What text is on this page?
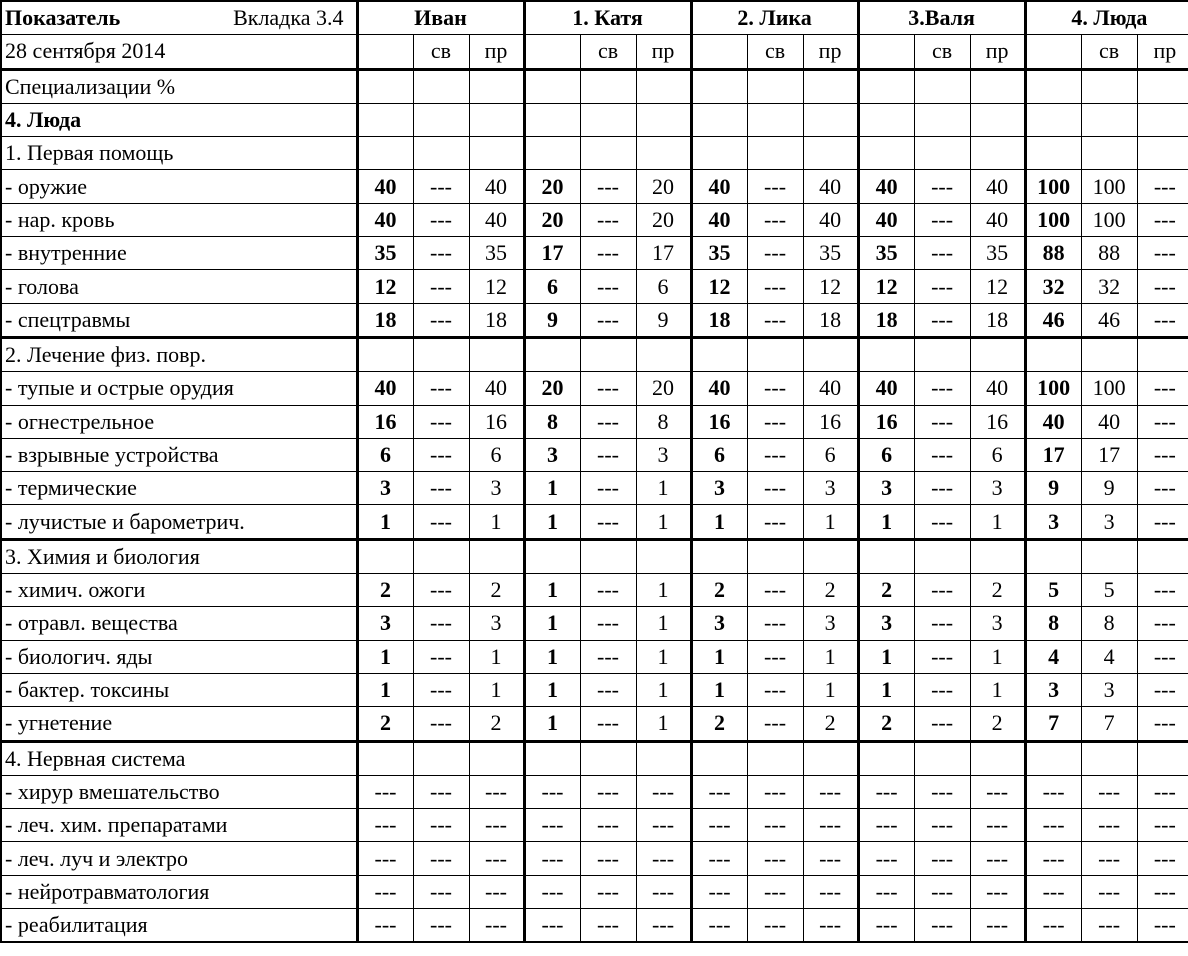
Показатель Вкладка 3.4	Иван			1. Катя			2. Лика			3.Валя			4. Люда		
28 сентября 2014		св	пр		св	пр		св	пр		св	пр		св	пр
Специализации %															
4. Люда															
1. Первая помощь															
- оружие	40	---	40	20	---	20	40	---	40	40	---	40	100	100	---
- нар. кровь	40	---	40	20	---	20	40	---	40	40	---	40	100	100	---
- внутренние	35	---	35	17	---	17	35	---	35	35	---	35	88	88	---
- голова	12	---	12	6	---	6	12	---	12	12	---	12	32	32	---
- спецтравмы	18	---	18	9	---	9	18	---	18	18	---	18	46	46	---
2. Лечение физ. повр.															
- тупые и острые орудия	40	---	40	20	---	20	40	---	40	40	---	40	100	100	---
- огнестрельное	16	---	16	8	---	8	16	---	16	16	---	16	40	40	---
- взрывные устройства	6	---	6	3	---	3	6	---	6	6	---	6	17	17	---
- термические	3	---	3	1	---	1	3	---	3	3	---	3	9	9	---
- лучистые и барометрич.	1	---	1	1	---	1	1	---	1	1	---	1	3	3	---
3. Химия и биология															
- химич. ожоги	2	---	2	1	---	1	2	---	2	2	---	2	5	5	---
- отравл. вещества	3	---	3	1	---	1	3	---	3	3	---	3	8	8	---
- биологич. яды	1	---	1	1	---	1	1	---	1	1	---	1	4	4	---
- бактер. токсины	1	---	1	1	---	1	1	---	1	1	---	1	3	3	---
- угнетение	2	---	2	1	---	1	2	---	2	2	---	2	7	7	---
4. Нервная система															
- хирур вмешательство	---	---	---	---	---	---	---	---	---	---	---	---	---	---	---
- леч. хим. препаратами	---	---	---	---	---	---	---	---	---	---	---	---	---	---	---
- леч. луч и электро	---	---	---	---	---	---	---	---	---	---	---	---	---	---	---
- нейротравматология	---	---	---	---	---	---	---	---	---	---	---	---	---	---	---
- реабилитация	---	---	---	---	---	---	---	---	---	---	---	---	---	---	---
